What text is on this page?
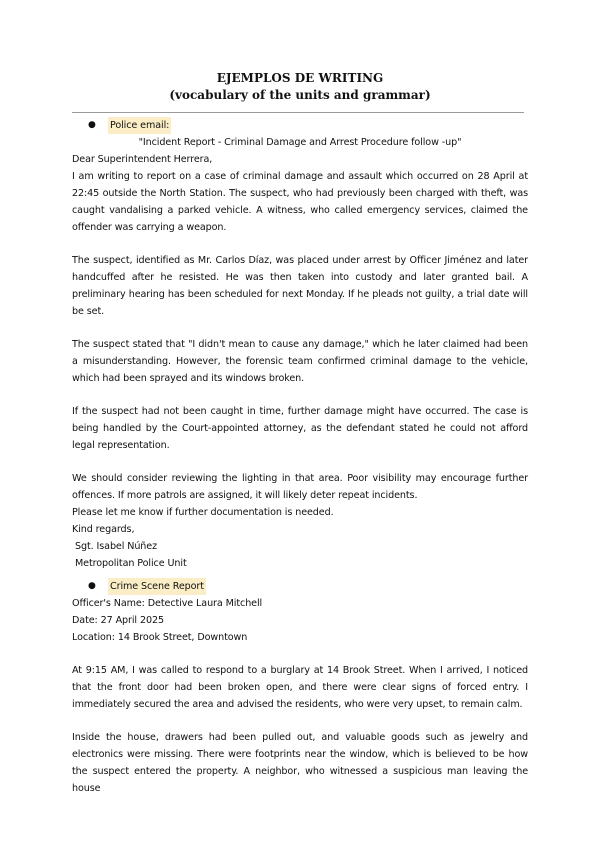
EJEMPLOS DE WRITING
(vocabulary of the units and grammar)
●	Police email:

"Incident Report - Criminal Damage and Arrest Procedure follow -up"

Dear Superintendent Herrera,

I am writing to report on a case of criminal damage and assault which occurred on 28 April at 22:45 outside the North Station. The suspect, who had previously been charged with theft, was caught vandalising a parked vehicle. A witness, who called emergency services, claimed the offender was carrying a weapon.

The suspect, identified as Mr. Carlos Díaz, was placed under arrest by Officer Jiménez and later handcuffed after he resisted. He was then taken into custody and later granted bail. A preliminary hearing has been scheduled for next Monday. If he pleads not guilty, a trial date will be set.

The suspect stated that "I didn't mean to cause any damage," which he later claimed had been a misunderstanding. However, the forensic team confirmed criminal damage to the vehicle, which had been sprayed and its windows broken.

If the suspect had not been caught in time, further damage might have occurred. The case is being handled by the Court-appointed attorney, as the defendant stated he could not afford legal representation.

We should consider reviewing the lighting in that area. Poor visibility may encourage further offences. If more patrols are assigned, it will likely deter repeat incidents.

Please let me know if further documentation is needed.

Kind regards,

Sgt. Isabel Núñez

Metropolitan Police Unit

●	Crime Scene Report

Officer's Name: Detective Laura Mitchell

Date: 27 April 2025

Location: 14 Brook Street, Downtown

At 9:15 AM, I was called to respond to a burglary at 14 Brook Street. When I arrived, I noticed that the front door had been broken open, and there were clear signs of forced entry. I immediately secured the area and advised the residents, who were very upset, to remain calm.

Inside the house, drawers had been pulled out, and valuable goods such as jewelry and electronics were missing. There were footprints near the window, which is believed to be how the suspect entered the property. A neighbor, who witnessed a suspicious man leaving the house
